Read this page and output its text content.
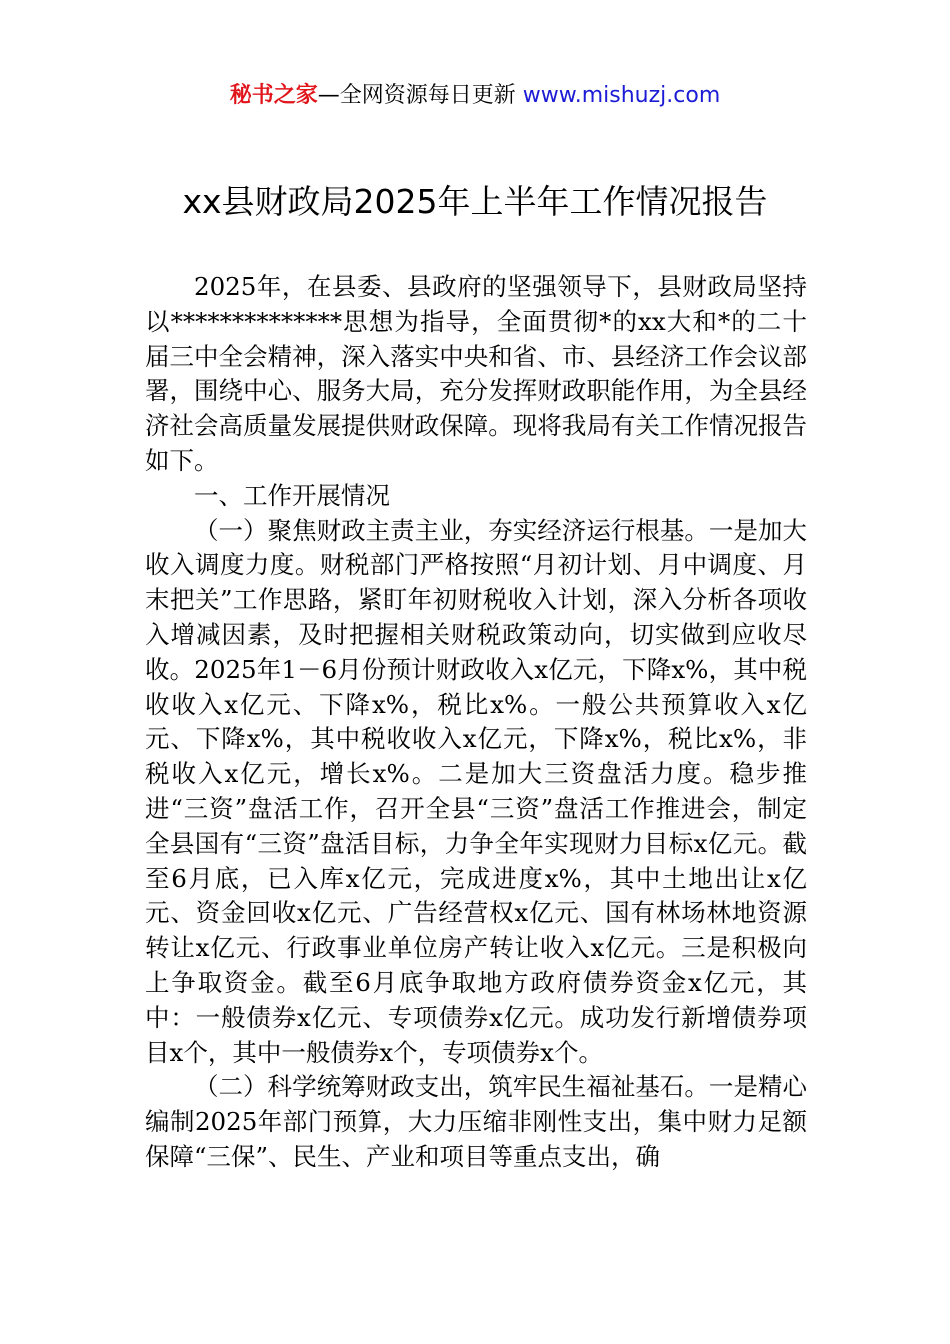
秘书之家—全网资源每日更新 www.mishuzj.com
xx县财政局2025年上半年工作情况报告

2025年，在县委、县政府的坚强领导下，县财政局坚持以**************思想为指导，全面贯彻*的xx大和*的二十届三中全会精神，深入落实中央和省、市、县经济工作会议部署，围绕中心、服务大局，充分发挥财政职能作用，为全县经济社会高质量发展提供财政保障。现将我局有关工作情况报告如下。

一、工作开展情况

（一）聚焦财政主责主业，夯实经济运行根基。一是加大收入调度力度。财税部门严格按照“月初计划、月中调度、月末把关”工作思路，紧盯年初财税收入计划，深入分析各项收入增减因素，及时把握相关财税政策动向，切实做到应收尽收。2025年1－6月份预计财政收入x亿元，下降x%，其中税收收入x亿元、下降x%，税比x%。一般公共预算收入x亿元、下降x%，其中税收收入x亿元，下降x%，税比x%，非税收入x亿元，增长x%。二是加大三资盘活力度。稳步推进“三资”盘活工作，召开全县“三资”盘活工作推进会，制定全县国有“三资”盘活目标，力争全年实现财力目标x亿元。截至6月底，已入库x亿元，完成进度x%，其中土地出让x亿元、资金回收x亿元、广告经营权x亿元、国有林场林地资源转让x亿元、行政事业单位房产转让收入x亿元。三是积极向上争取资金。截至6月底争取地方政府债券资金x亿元，其中：一般债券x亿元、专项债券x亿元。成功发行新增债券项目x个，其中一般债券x个，专项债券x个。

（二）科学统筹财政支出，筑牢民生福祉基石。一是精心编制2025年部门预算，大力压缩非刚性支出，集中财力足额保障“三保”、民生、产业和项目等重点支出，确
